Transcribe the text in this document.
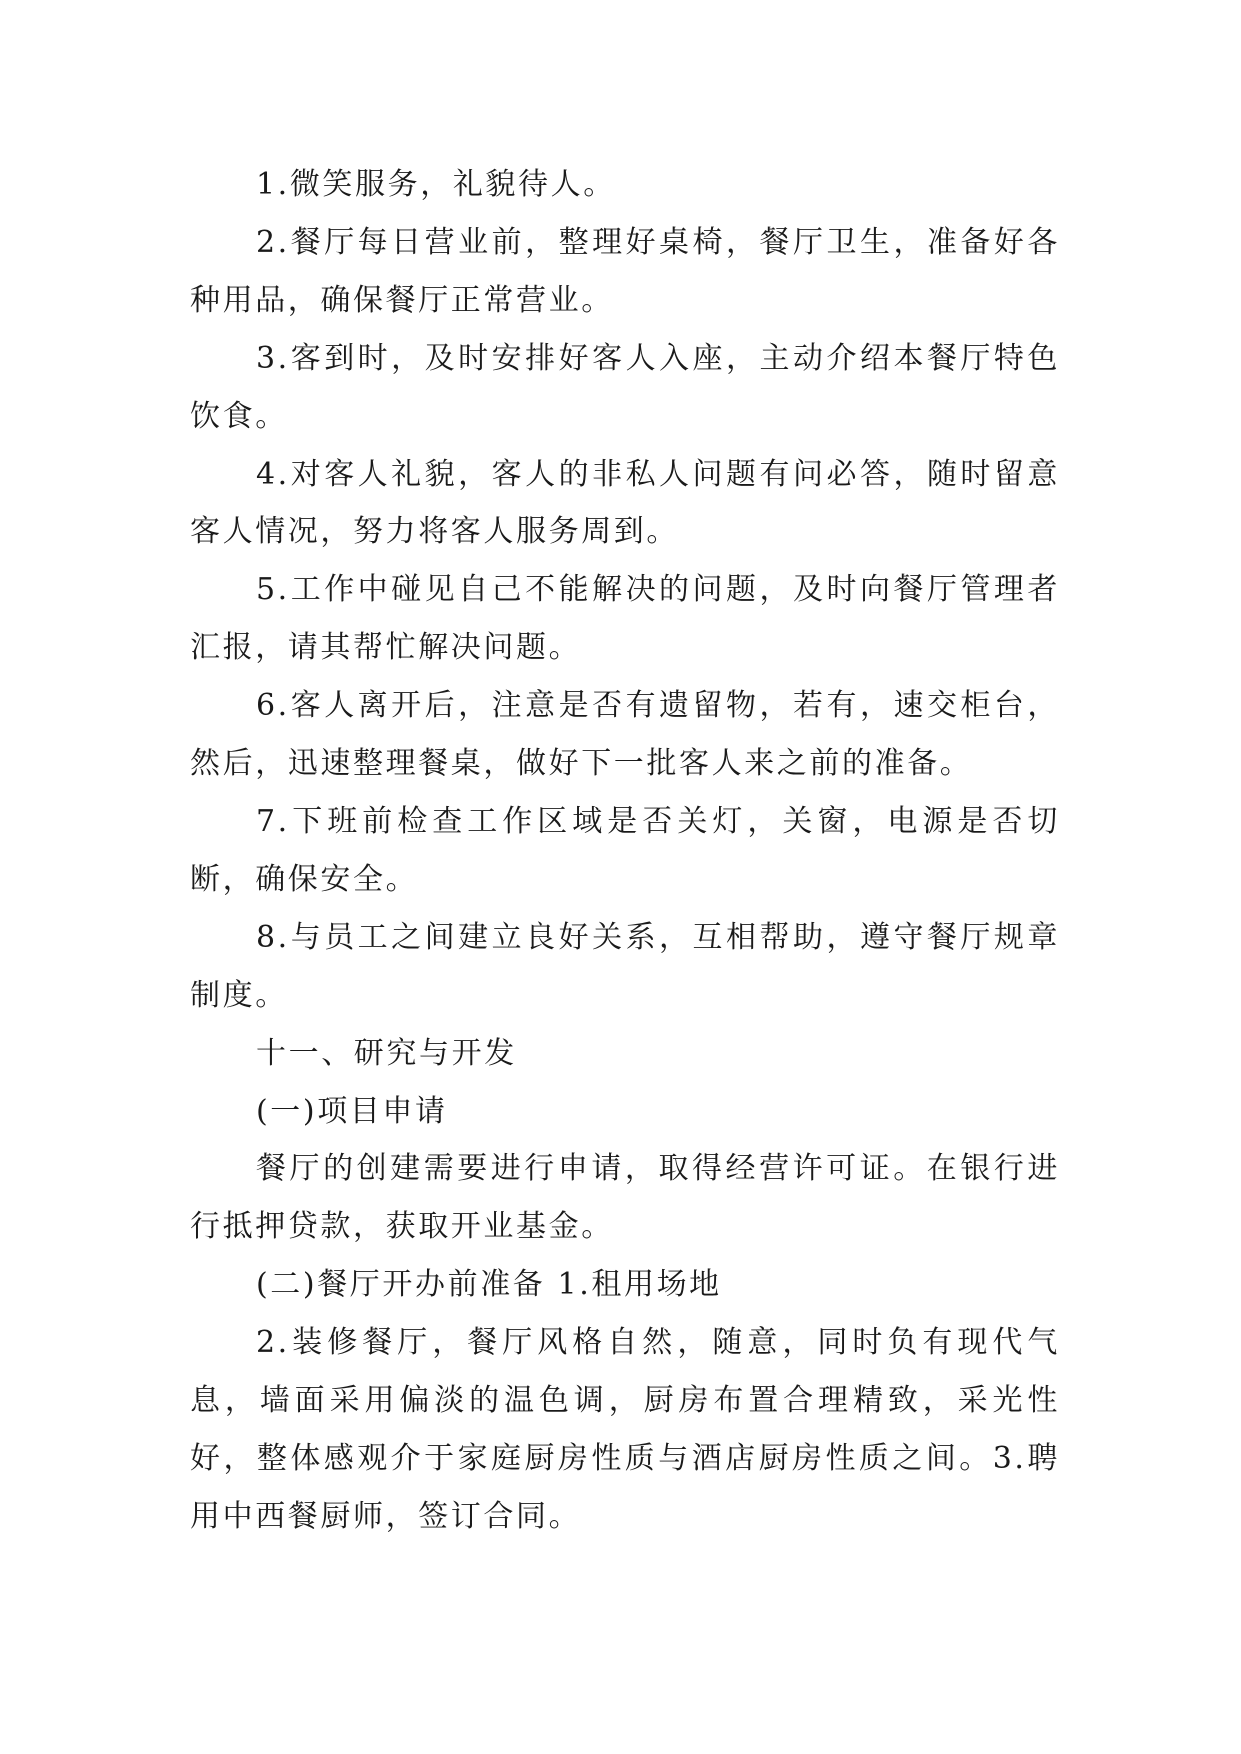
1.微笑服务，礼貌待人。

2.餐厅每日营业前，整理好桌椅，餐厅卫生，准备好各种用品，确保餐厅正常营业。

3.客到时，及时安排好客人入座，主动介绍本餐厅特色饮食。

4.对客人礼貌，客人的非私人问题有问必答，随时留意客人情况，努力将客人服务周到。

5.工作中碰见自己不能解决的问题，及时向餐厅管理者汇报，请其帮忙解决问题。

6.客人离开后，注意是否有遗留物，若有，速交柜台，然后，迅速整理餐桌，做好下一批客人来之前的准备。

7.下班前检查工作区域是否关灯，关窗，电源是否切断，确保安全。

8.与员工之间建立良好关系，互相帮助，遵守餐厅规章制度。

十一、研究与开发

(一)项目申请

餐厅的创建需要进行申请，取得经营许可证。在银行进行抵押贷款，获取开业基金。

(二)餐厅开办前准备 1.租用场地

2.装修餐厅，餐厅风格自然，随意，同时负有现代气息，墙面采用偏淡的温色调，厨房布置合理精致，采光性好，整体感观介于家庭厨房性质与酒店厨房性质之间。3.聘用中西餐厨师，签订合同。
